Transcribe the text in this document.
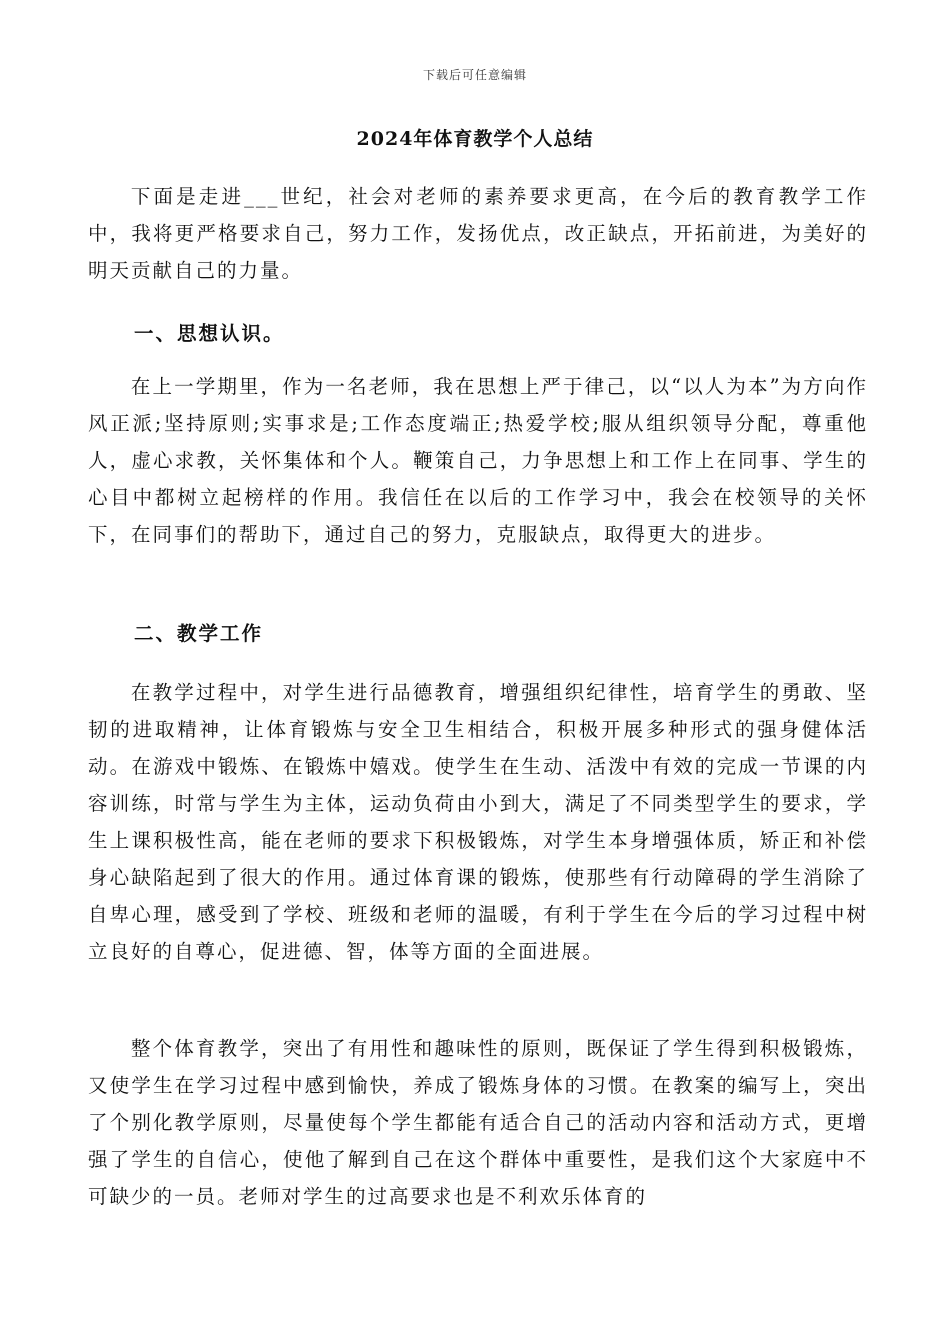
下载后可任意编辑
2024年体育教学个人总结

下面是走进___世纪，社会对老师的素养要求更高，在今后的教育教学工作中，我将更严格要求自己，努力工作，发扬优点，改正缺点，开拓前进，为美好的明天贡献自己的力量。

一、思想认识。

在上一学期里，作为一名老师，我在思想上严于律己，以“以人为本”为方向作风正派;坚持原则;实事求是;工作态度端正;热爱学校;服从组织领导分配，尊重他人，虚心求教，关怀集体和个人。鞭策自己，力争思想上和工作上在同事、学生的心目中都树立起榜样的作用。我信任在以后的工作学习中，我会在校领导的关怀下，在同事们的帮助下，通过自己的努力，克服缺点，取得更大的进步。

二、教学工作

在教学过程中，对学生进行品德教育，增强组织纪律性，培育学生的勇敢、坚韧的进取精神，让体育锻炼与安全卫生相结合，积极开展多种形式的强身健体活动。在游戏中锻炼、在锻炼中嬉戏。使学生在生动、活泼中有效的完成一节课的内容训练，时常与学生为主体，运动负荷由小到大，满足了不同类型学生的要求，学生上课积极性高，能在老师的要求下积极锻炼，对学生本身增强体质，矫正和补偿身心缺陷起到了很大的作用。通过体育课的锻炼，使那些有行动障碍的学生消除了自卑心理，感受到了学校、班级和老师的温暖，有利于学生在今后的学习过程中树立良好的自尊心，促进德、智，体等方面的全面进展。

整个体育教学，突出了有用性和趣味性的原则，既保证了学生得到积极锻炼，又使学生在学习过程中感到愉快，养成了锻炼身体的习惯。在教案的编写上，突出了个别化教学原则，尽量使每个学生都能有适合自己的活动内容和活动方式，更增强了学生的自信心，使他了解到自己在这个群体中重要性，是我们这个大家庭中不可缺少的一员。老师对学生的过高要求也是不利欢乐体育的
